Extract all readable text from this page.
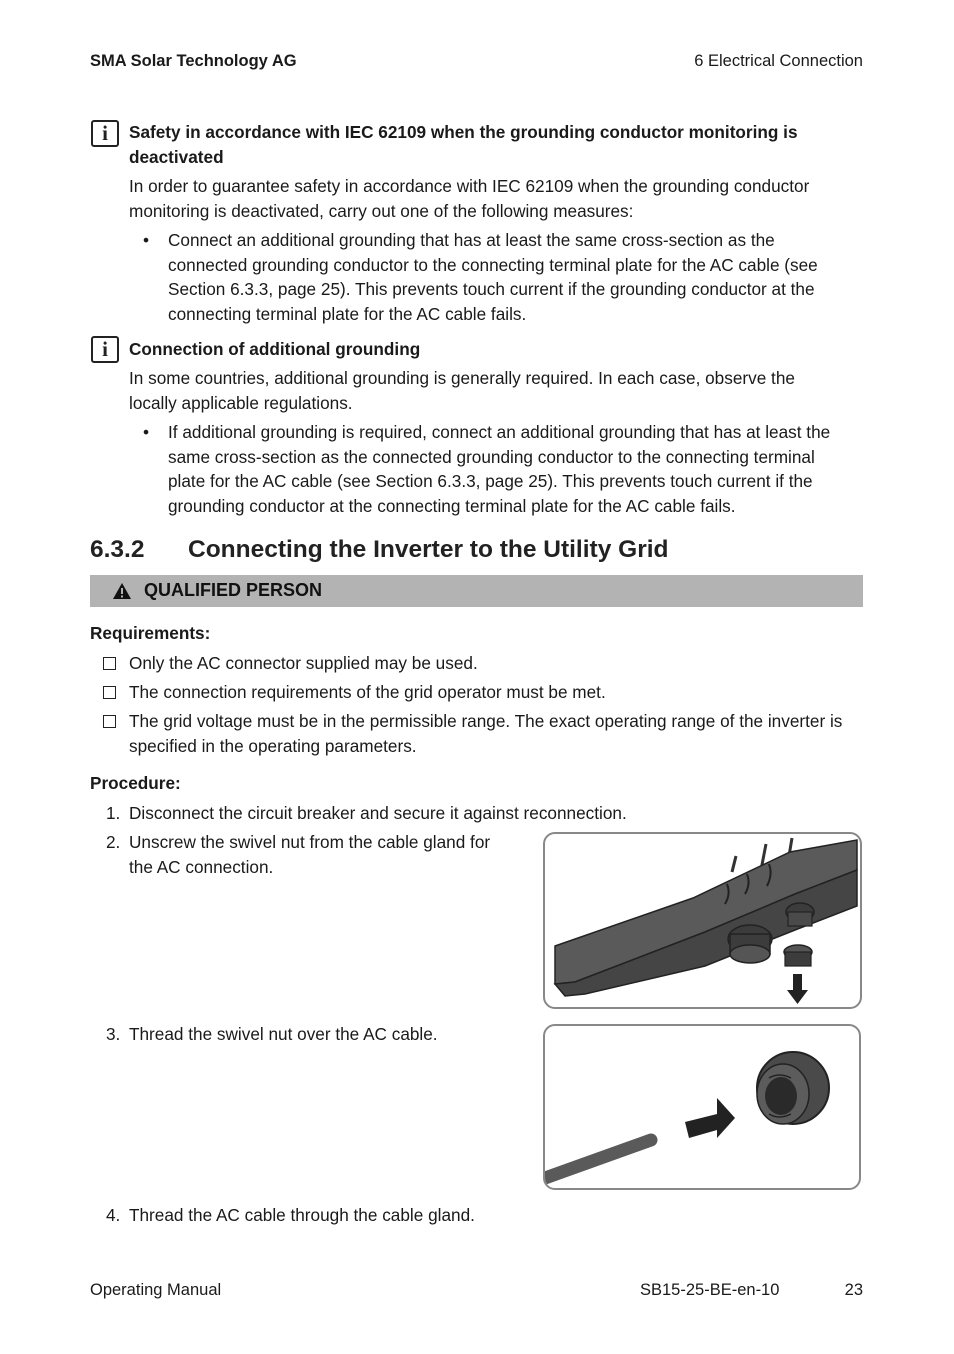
SMA Solar Technology AG	6 Electrical Connection
i	Safety in accordance with IEC 62109 when the grounding conductor monitoring is
deactivated
In order to guarantee safety in accordance with IEC 62109 when the grounding conductor
monitoring is deactivated, carry out one of the following measures:
• Connect an additional grounding that has at least the same cross-section as the
connected grounding conductor to the connecting terminal plate for the AC cable (see
Section 6.3.3, page 25). This prevents touch current if the grounding conductor at the
connecting terminal plate for the AC cable fails.
i	Connection of additional grounding
In some countries, additional grounding is generally required. In each case, observe the
locally applicable regulations.
• If additional grounding is required, connect an additional grounding that has at least the
same cross-section as the connected grounding conductor to the connecting terminal
plate for the AC cable (see Section 6.3.3, page 25). This prevents touch current if the
grounding conductor at the connecting terminal plate for the AC cable fails.
6.3.2 Connecting the Inverter to the Utility Grid
QUALIFIED PERSON
Requirements:
Only the AC connector supplied may be used.
The connection requirements of the grid operator must be met.
The grid voltage must be in the permissible range. The exact operating range of the inverter is
specified in the operating parameters.
Procedure:
1. Disconnect the circuit breaker and secure it against reconnection.
2. Unscrew the swivel nut from the cable gland for
the AC connection.
3. Thread the swivel nut over the AC cable.
4. Thread the AC cable through the cable gland.
Operating Manual	SB15-25-BE-en-10	23
